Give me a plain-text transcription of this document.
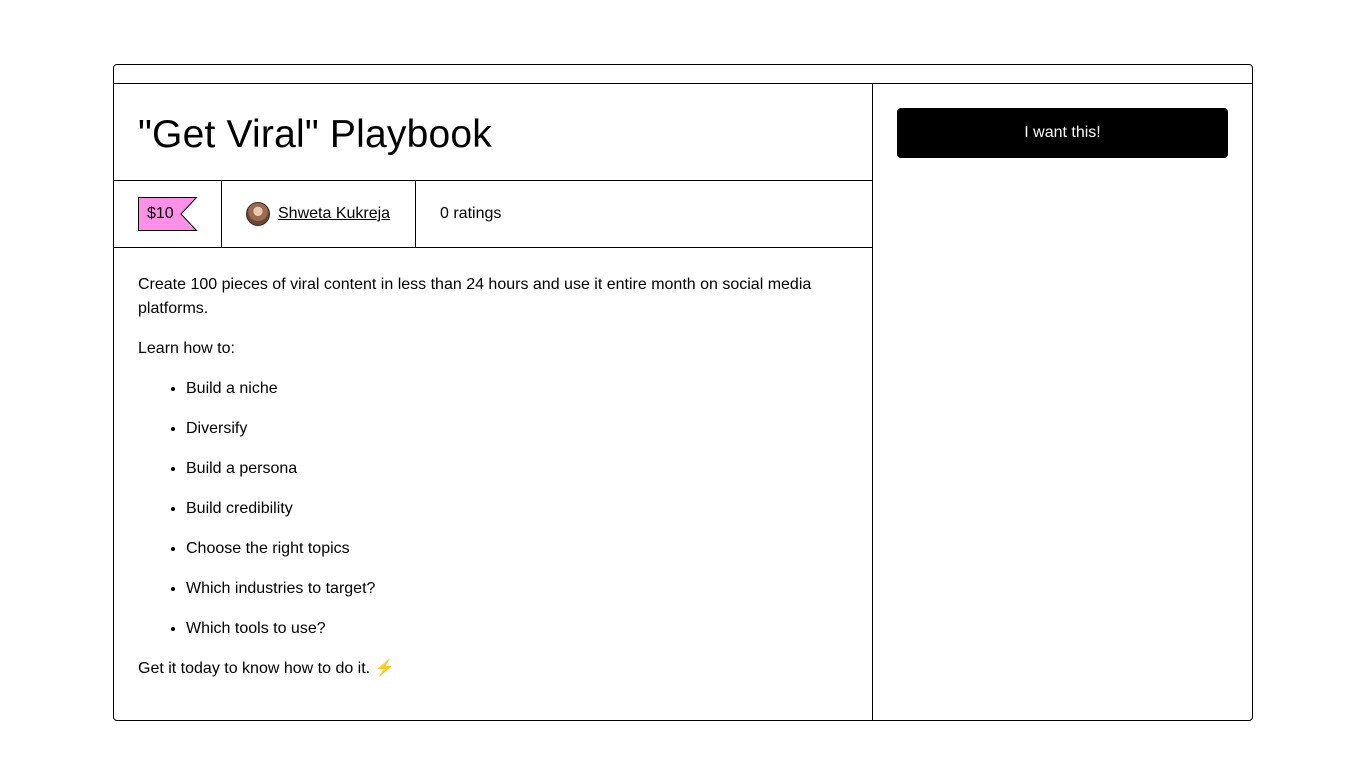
"Get Viral" Playbook
$10	Shweta Kukreja	0 ratings

Create 100 pieces of viral content in less than 24 hours and use it entire month on social media platforms.

Learn how to:

• Build a niche
• Diversify
• Build a persona
• Build credibility
• Choose the right topics
• Which industries to target?
• Which tools to use?

Get it today to know how to do it. ⚡

I want this!
